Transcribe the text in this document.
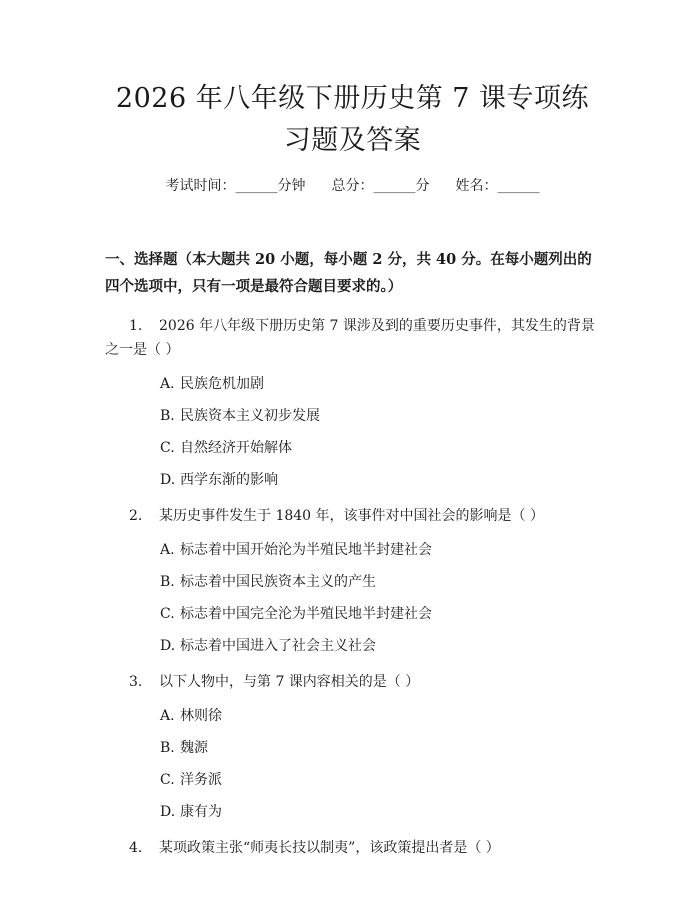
2026 年八年级下册历史第 7 课专项练习题及答案
考试时间：______分钟 总分：______分 姓名：______
一、选择题（本大题共 20 小题，每小题 2 分，共 40 分。在每小题列出的四个选项中，只有一项是最符合题目要求的。）
1. 2026 年八年级下册历史第 7 课涉及到的重要历史事件，其发生的背景之一是（ ）
A. 民族危机加剧
B. 民族资本主义初步发展
C. 自然经济开始解体
D. 西学东渐的影响
2. 某历史事件发生于 1840 年，该事件对中国社会的影响是（ ）
A. 标志着中国开始沦为半殖民地半封建社会
B. 标志着中国民族资本主义的产生
C. 标志着中国完全沦为半殖民地半封建社会
D. 标志着中国进入了社会主义社会
3. 以下人物中，与第 7 课内容相关的是（ ）
A. 林则徐
B. 魏源
C. 洋务派
D. 康有为
4. 某项政策主张“师夷长技以制夷”，该政策提出者是（ ）
